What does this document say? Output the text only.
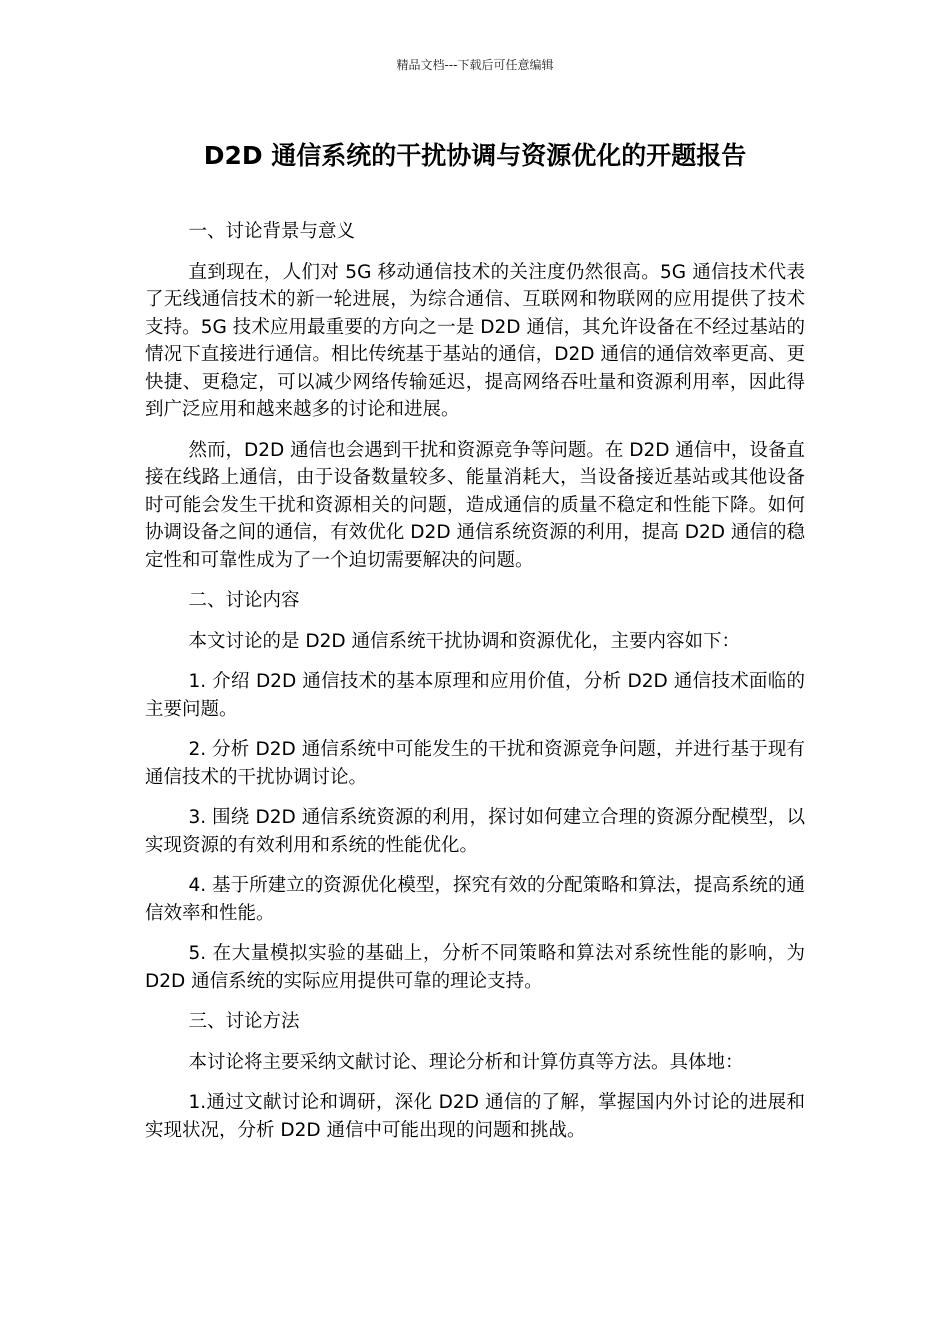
精品文档---下载后可任意编辑
D2D 通信系统的干扰协调与资源优化的开题报告

一、讨论背景与意义

直到现在，人们对 5G 移动通信技术的关注度仍然很高。5G 通信技术代表了无线通信技术的新一轮进展，为综合通信、互联网和物联网的应用提供了技术支持。5G 技术应用最重要的方向之一是 D2D 通信，其允许设备在不经过基站的情况下直接进行通信。相比传统基于基站的通信，D2D 通信的通信效率更高、更快捷、更稳定，可以减少网络传输延迟，提高网络吞吐量和资源利用率，因此得到广泛应用和越来越多的讨论和进展。

然而，D2D 通信也会遇到干扰和资源竞争等问题。在 D2D 通信中，设备直接在线路上通信，由于设备数量较多、能量消耗大，当设备接近基站或其他设备时可能会发生干扰和资源相关的问题，造成通信的质量不稳定和性能下降。如何协调设备之间的通信，有效优化 D2D 通信系统资源的利用，提高 D2D 通信的稳定性和可靠性成为了一个迫切需要解决的问题。

二、讨论内容

本文讨论的是 D2D 通信系统干扰协调和资源优化，主要内容如下：

1. 介绍 D2D 通信技术的基本原理和应用价值，分析 D2D 通信技术面临的主要问题。

2. 分析 D2D 通信系统中可能发生的干扰和资源竞争问题，并进行基于现有通信技术的干扰协调讨论。

3. 围绕 D2D 通信系统资源的利用，探讨如何建立合理的资源分配模型，以实现资源的有效利用和系统的性能优化。

4. 基于所建立的资源优化模型，探究有效的分配策略和算法，提高系统的通信效率和性能。

5. 在大量模拟实验的基础上，分析不同策略和算法对系统性能的影响，为 D2D 通信系统的实际应用提供可靠的理论支持。

三、讨论方法

本讨论将主要采纳文献讨论、理论分析和计算仿真等方法。具体地：

1.通过文献讨论和调研，深化 D2D 通信的了解，掌握国内外讨论的进展和实现状况，分析 D2D 通信中可能出现的问题和挑战。
